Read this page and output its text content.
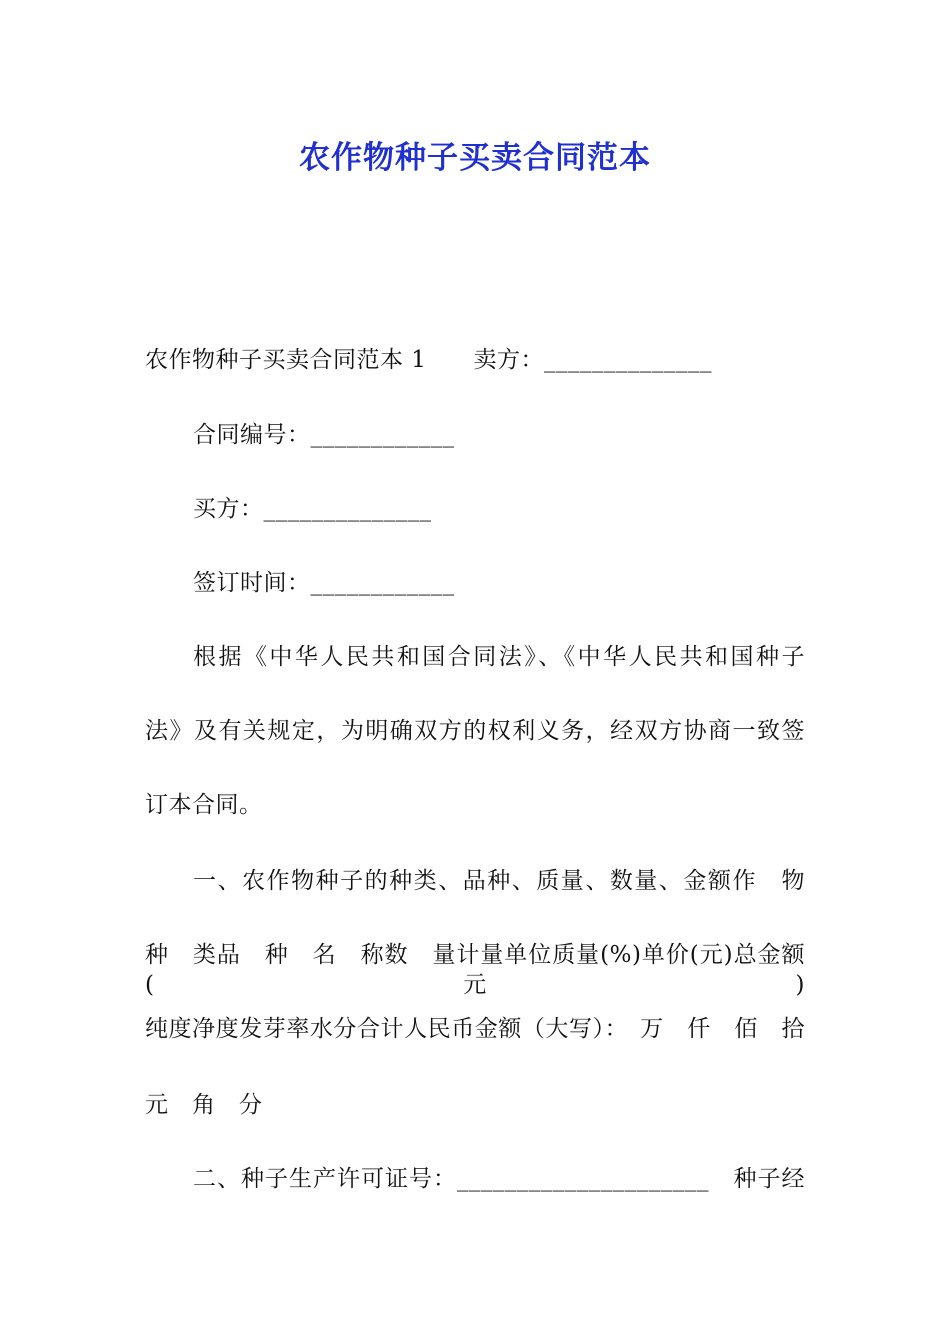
农作物种子买卖合同范本
农作物种子买卖合同范本 1　　卖方：______________
合同编号：____________
买方：______________
签订时间：____________
根据《中华人民共和国合同法》、《中华人民共和国种子
法》及有关规定，为明确双方的权利义务，经双方协商一致签
订本合同。
一、农作物种子的种类、品种、质量、数量、金额作　物
种　类品　种　名　称数　量计量单位质量(%)单价(元)总金额(元)
纯度净度发芽率水分合计人民币金额（大写）：　万　仟　佰　拾
元　角　分
二、种子生产许可证号：_____________________　种子经
